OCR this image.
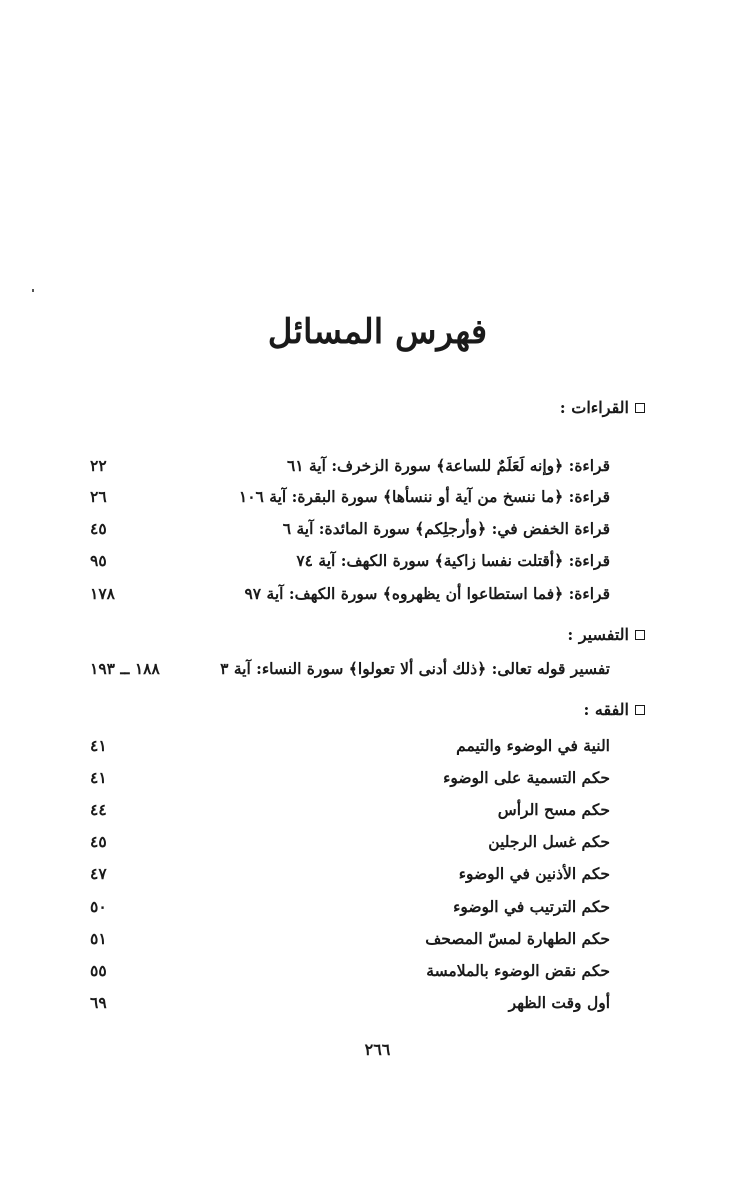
فهرس المسائل
القراءات :
قراءة: ﴿وإنه لَعَلَمٌ للساعة﴾ سورة الزخرف: آية ٦١
٢٢
قراءة: ﴿ما ننسخ من آية أو ننسأها﴾ سورة البقرة: آية ١٠٦
٢٦
قراءة الخفض في: ﴿وأرجلِكم﴾ سورة المائدة: آية ٦
٤٥
قراءة: ﴿أقتلت نفسا زاكية﴾ سورة الكهف: آية ٧٤
٩٥
قراءة: ﴿فما استطاعوا أن يظهروه﴾ سورة الكهف: آية ٩٧
١٧٨
التفسير :
تفسير قوله تعالى: ﴿ذلك أدنى ألا تعولوا﴾ سورة النساء: آية ٣
١٨٨ ــ ١٩٣
الفقه :
النية في الوضوء والتيمم
٤١
حكم التسمية على الوضوء
٤١
حكم مسح الرأس
٤٤
حكم غسل الرجلين
٤٥
حكم الأذنين في الوضوء
٤٧
حكم الترتيب في الوضوء
٥٠
حكم الطهارة لمسّ المصحف
٥١
حكم نقض الوضوء بالملامسة
٥٥
أول وقت الظهر
٦٩
٢٦٦
